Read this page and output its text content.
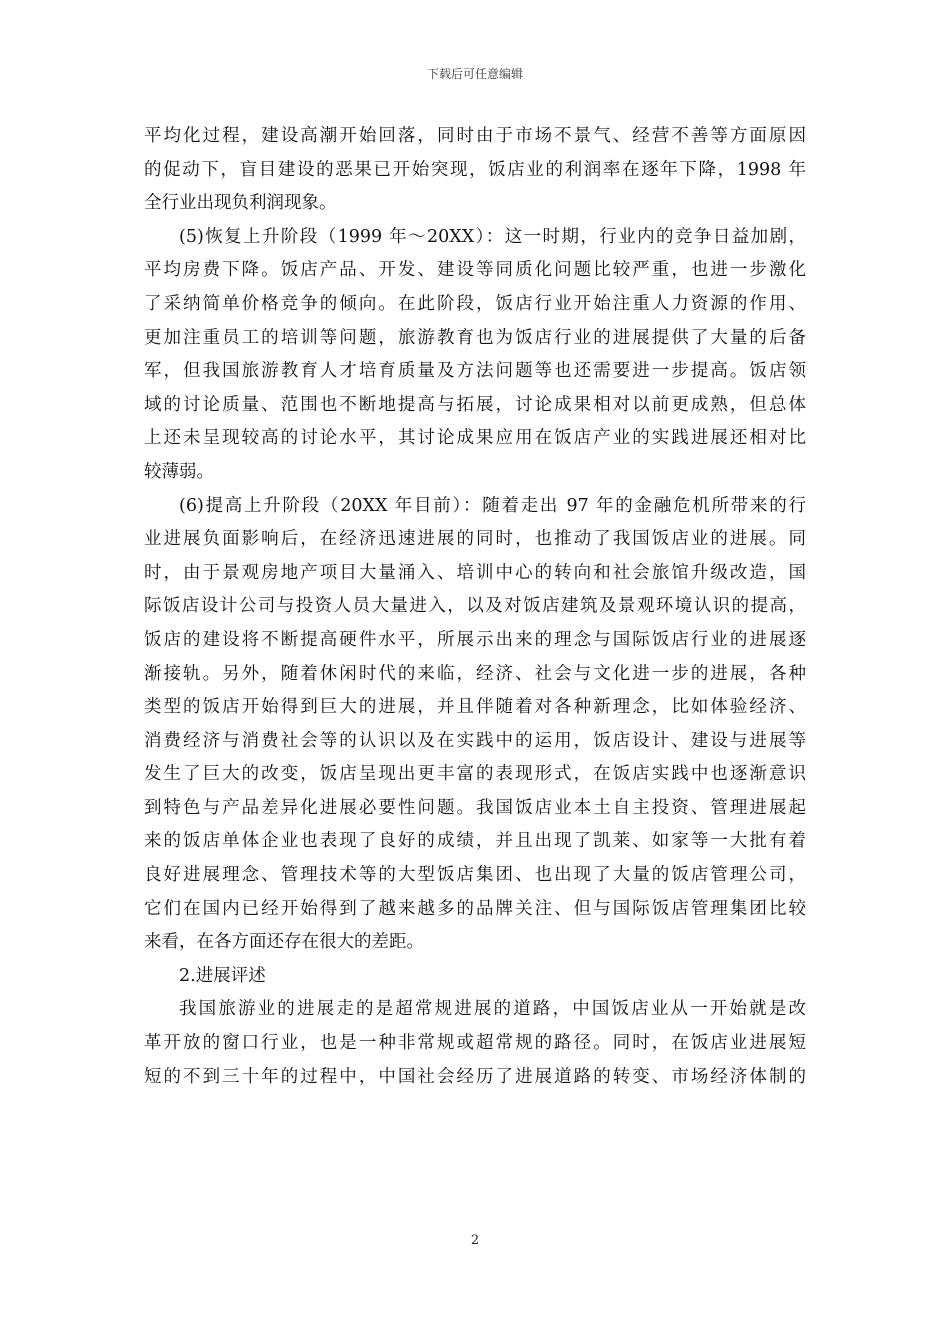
下载后可任意编辑
平均化过程，建设高潮开始回落，同时由于市场不景气、经营不善等方面原因
的促动下，盲目建设的恶果已开始突现，饭店业的利润率在逐年下降，1998 年
全行业出现负利润现象。
(5)恢复上升阶段（1999 年～20XX）：这一时期，行业内的竞争日益加剧，
平均房费下降。饭店产品、开发、建设等同质化问题比较严重，也进一步激化
了采纳简单价格竞争的倾向。在此阶段，饭店行业开始注重人力资源的作用、
更加注重员工的培训等问题，旅游教育也为饭店行业的进展提供了大量的后备
军，但我国旅游教育人才培育质量及方法问题等也还需要进一步提高。饭店领
域的讨论质量、范围也不断地提高与拓展，讨论成果相对以前更成熟，但总体
上还未呈现较高的讨论水平，其讨论成果应用在饭店产业的实践进展还相对比
较薄弱。
(6)提高上升阶段（20XX 年目前）：随着走出 97 年的金融危机所带来的行
业进展负面影响后，在经济迅速进展的同时，也推动了我国饭店业的进展。同
时，由于景观房地产项目大量涌入、培训中心的转向和社会旅馆升级改造，国
际饭店设计公司与投资人员大量进入，以及对饭店建筑及景观环境认识的提高，
饭店的建设将不断提高硬件水平，所展示出来的理念与国际饭店行业的进展逐
渐接轨。另外，随着休闲时代的来临，经济、社会与文化进一步的进展，各种
类型的饭店开始得到巨大的进展，并且伴随着对各种新理念，比如体验经济、
消费经济与消费社会等的认识以及在实践中的运用，饭店设计、建设与进展等
发生了巨大的改变，饭店呈现出更丰富的表现形式，在饭店实践中也逐渐意识
到特色与产品差异化进展必要性问题。我国饭店业本土自主投资、管理进展起
来的饭店单体企业也表现了良好的成绩，并且出现了凯莱、如家等一大批有着
良好进展理念、管理技术等的大型饭店集团、也出现了大量的饭店管理公司，
它们在国内已经开始得到了越来越多的品牌关注、但与国际饭店管理集团比较
来看，在各方面还存在很大的差距。
2.进展评述
我国旅游业的进展走的是超常规进展的道路，中国饭店业从一开始就是改
革开放的窗口行业，也是一种非常规或超常规的路径。同时，在饭店业进展短
短的不到三十年的过程中，中国社会经历了进展道路的转变、市场经济体制的
2
